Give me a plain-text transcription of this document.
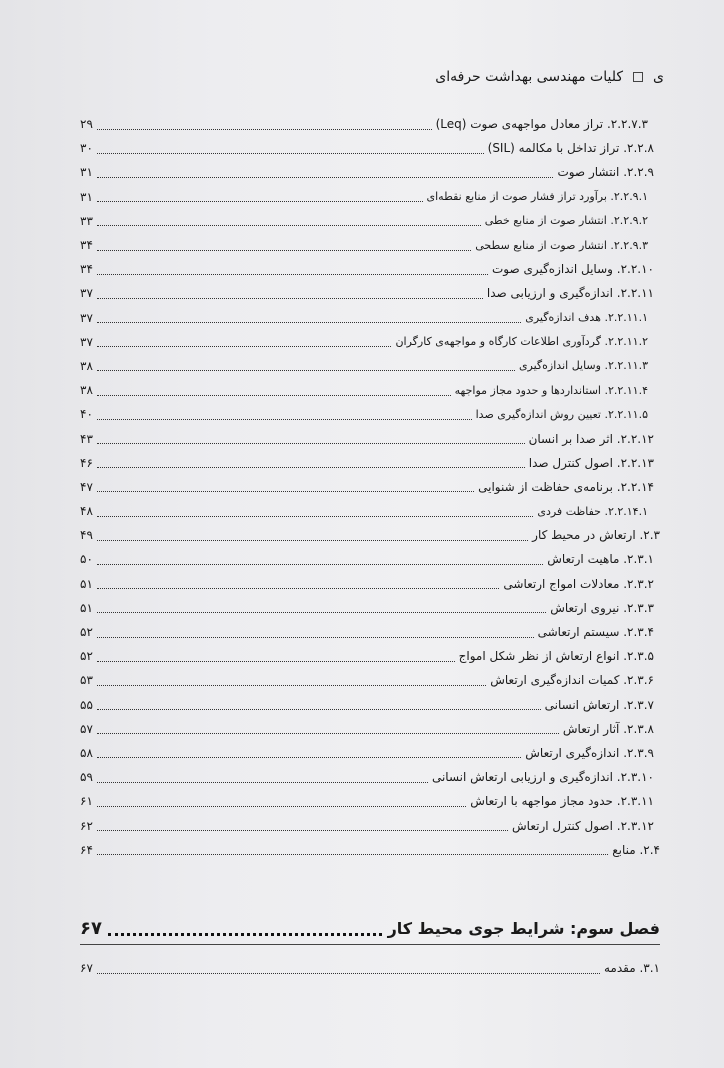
ی
کلیات مهندسی بهداشت حرفه‌ای
۲.۲.۷.۳. تراز معادل مواجهه‌ی صوت (Leq)
۲۹
۲.۲.۸. تراز تداخل با مکالمه (SIL)
۳۰
۲.۲.۹. انتشار صوت
۳۱
۲.۲.۹.۱. برآورد تراز فشار صوت از منابع نقطه‌ای
۳۱
۲.۲.۹.۲. انتشار صوت از منابع خطی
۳۳
۲.۲.۹.۳. انتشار صوت از منابع سطحی
۳۴
۲.۲.۱۰. وسایل اندازه‌گیری صوت
۳۴
۲.۲.۱۱. اندازه‌گیری و ارزیابی صدا
۳۷
۲.۲.۱۱.۱. هدف اندازه‌گیری
۳۷
۲.۲.۱۱.۲. گردآوری اطلاعات کارگاه و مواجهه‌ی کارگران
۳۷
۲.۲.۱۱.۳. وسایل اندازه‌گیری
۳۸
۲.۲.۱۱.۴. استانداردها و حدود مجاز مواجهه
۳۸
۲.۲.۱۱.۵. تعیین روش اندازه‌گیری صدا
۴۰
۲.۲.۱۲. اثر صدا بر انسان
۴۳
۲.۲.۱۳. اصول کنترل صدا
۴۶
۲.۲.۱۴. برنامه‌ی حفاظت از شنوایی
۴۷
۲.۲.۱۴.۱. حفاظت فردی
۴۸
۲.۳. ارتعاش در محیط کار
۴۹
۲.۳.۱. ماهیت ارتعاش
۵۰
۲.۳.۲. معادلات امواج ارتعاشی
۵۱
۲.۳.۳. نیروی ارتعاش
۵۱
۲.۳.۴. سیستم ارتعاشی
۵۲
۲.۳.۵. انواع ارتعاش از نظر شکل امواج
۵۲
۲.۳.۶. کمیات اندازه‌گیری ارتعاش
۵۳
۲.۳.۷. ارتعاش انسانی
۵۵
۲.۳.۸. آثار ارتعاش
۵۷
۲.۳.۹. اندازه‌گیری ارتعاش
۵۸
۲.۳.۱۰. اندازه‌گیری و ارزیابی ارتعاش انسانی
۵۹
۲.۳.۱۱. حدود مجاز مواجهه با ارتعاش
۶۱
۲.۳.۱۲. اصول کنترل ارتعاش
۶۲
۲.۴. منابع
۶۴
فصل سوم: شرایط جوی محیط کار
۶۷
۳.۱. مقدمه
۶۷
